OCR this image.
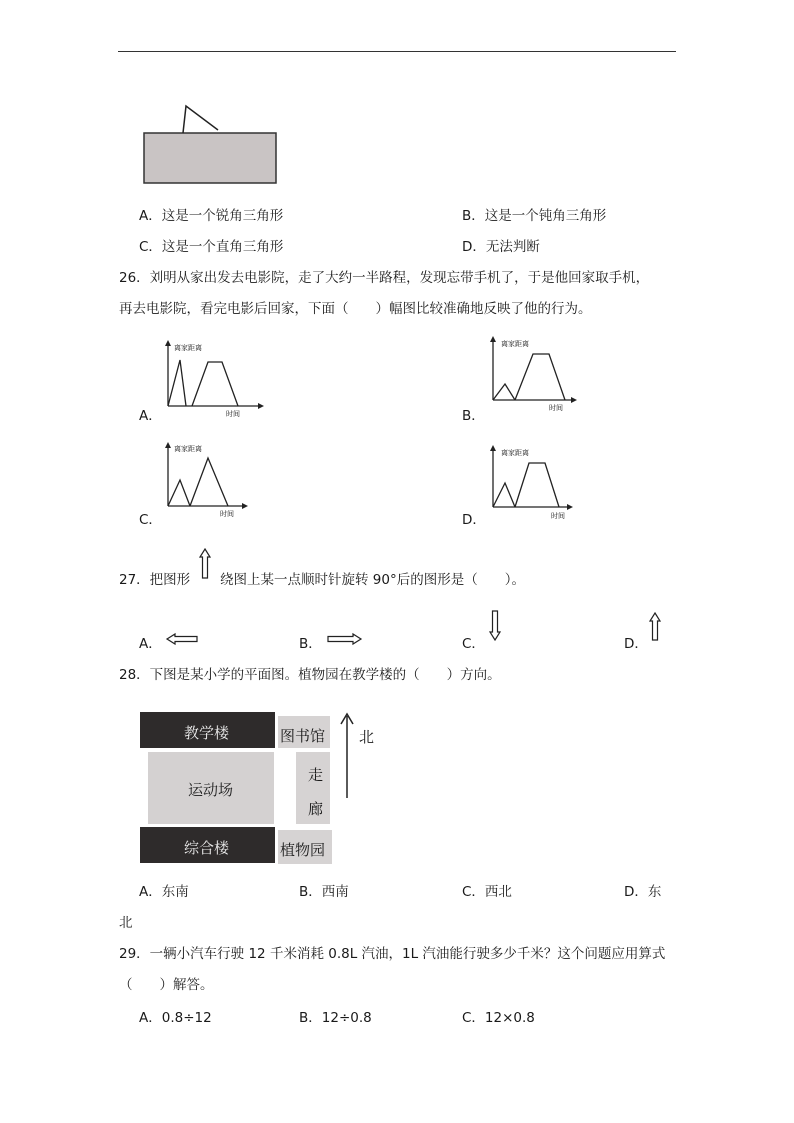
A．这是一个锐角三角形	B．这是一个钝角三角形
C．这是一个直角三角形	D．无法判断
26．刘明从家出发去电影院，走了大约一半路程，发现忘带手机了，于是他回家取手机，
再去电影院，看完电影后回家，下面（　　）幅图比较准确地反映了他的行为。
A．	B．
C．	D．
离家距离
时间
离家距离
时间
离家距离
时间
离家距离
时间
27．把图形 绕图上某一点顺时针旋转 90°后的图形是（　　）。
A．	B．	C．	D．
28．下图是某小学的平面图。植物园在教学楼的（　　）方向。
教学楼	图书馆
运动场
走
廊
综合楼	植物园
北
A．东南	B．西南	C．西北	D．东
北
29．一辆小汽车行驶 12 千米消耗 0.8L 汽油，1L 汽油能行驶多少千米？这个问题应用算式
（　　）解答。
A．0.8÷12	B．12÷0.8	C．12×0.8
